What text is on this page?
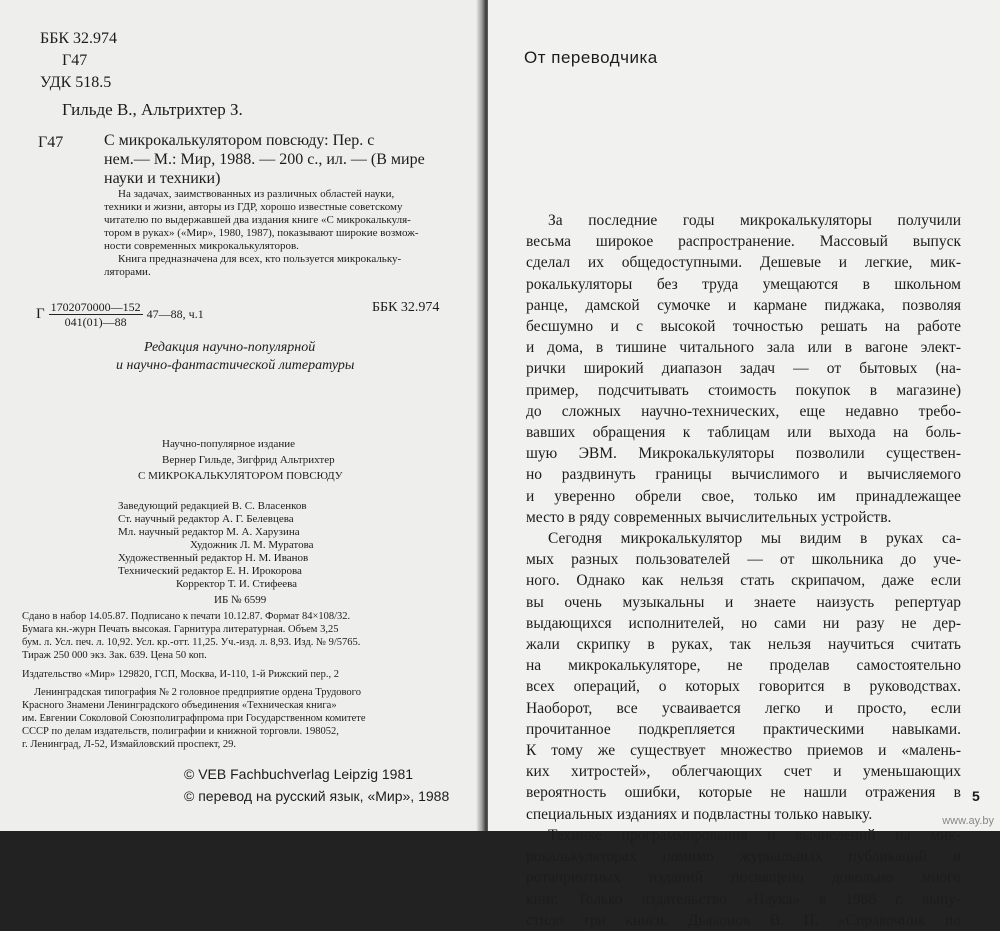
ББК 32.974
Г47
УДК 518.5
Гильде В., Альтрихтер З.
Г47	С микрокалькулятором повсюду: Пер. с
нем.— М.: Мир, 1988. — 200 с., ил. — (В мире
науки и техники)
На задачах, заимствованных из различных областей науки,
техники и жизни, авторы из ГДР, хорошо известные советскому
читателю по выдержавшей два издания книге «С микрокалькуля-
тором в руках» («Мир», 1980, 1987), показывают широкие возмож-
ности современных микрокалькуляторов.
Книга предназначена для всех, кто пользуется микрокальку-
ляторами.
Г $\frac{1702070000—152}{041(01)—88}$ 47—88, ч.1	ББК 32.974
Редакция научно-популярной
и научно-фантастической литературы
Научно-популярное издание
Вернер Гильде, Зигфрид Альтрихтер
С МИКРОКАЛЬКУЛЯТОРОМ ПОВСЮДУ
Заведующий редакцией В. С. Власенков
Ст. научный редактор А. Г. Белевцева
Мл. научный редактор М. А. Харузина
Художник Л. М. Муратова
Художественный редактор Н. М. Иванов
Технический редактор Е. Н. Ирокорова
Корректор Т. И. Стифеева
ИБ № 6599
Сдано в набор 14.05.87. Подписано к печати 10.12.87. Формат 84×108/32.
Бумага кн.-журн Печать высокая. Гарнитура литературная. Объем 3,25
бум. л. Усл. печ. л. 10,92. Усл. кр.-отт. 11,25. Уч.-изд. л. 8,93. Изд. № 9/5765.
Тираж 250 000 экз. Зак. 639. Цена 50 коп.
Издательство «Мир» 129820, ГСП, Москва, И-110, 1-й Рижский пер., 2
Ленинградская типография № 2 головное предприятие ордена Трудового
Красного Знамени Ленинградского объединения «Техническая книга»
им. Евгении Соколовой Союзполиграфпрома при Государственном комитете
СССР по делам издательств, полиграфии и книжной торговли. 198052,
г. Ленинград, Л-52, Измайловский проспект, 29.
© VEB Fachbuchverlag Leipzig 1981
© перевод на русский язык, «Мир», 1988
От переводчика
За последние годы микрокалькуляторы получили
весьма широкое распространение. Массовый выпуск
сделал их общедоступными. Дешевые и легкие, мик-
рокалькуляторы без труда умещаются в школьном
ранце, дамской сумочке и кармане пиджака, позволяя
бесшумно и с высокой точностью решать на работе
и дома, в тишине читального зала или в вагоне элект-
рички широкий диапазон задач — от бытовых (на-
пример, подсчитывать стоимость покупок в магазине)
до сложных научно-технических, еще недавно требо-
вавших обращения к таблицам или выхода на боль-
шую ЭВМ. Микрокалькуляторы позволили существен-
но раздвинуть границы вычислимого и вычисляемого
и уверенно обрели свое, только им принадлежащее
место в ряду современных вычислительных устройств.
Сегодня микрокалькулятор мы видим в руках са-
мых разных пользователей — от школьника до уче-
ного. Однако как нельзя стать скрипачом, даже если
вы очень музыкальны и знаете наизусть репертуар
выдающихся исполнителей, но сами ни разу не дер-
жали скрипку в руках, так нельзя научиться считать
на микрокалькуляторе, не проделав самостоятельно
всех операций, о которых говорится в руководствах.
Наоборот, все усваивается легко и просто, если
прочитанное подкрепляется практическими навыками.
К тому же существует множество приемов и «малень-
ких хитростей», облегчающих счет и уменьшающих
вероятность ошибки, которые не нашли отражения в
специальных изданиях и подвластны только навыку.
Технике программирования и вычислений на мик-
рокалькуляторах помимо журнальных публикаций и
ротапринтных изданий посвящено довольно много
книг. Только издательство «Наука» в 1986 г. выпу-
стило три книги: Дьяконов В. П. «Справочник по
5
www.ay.by
